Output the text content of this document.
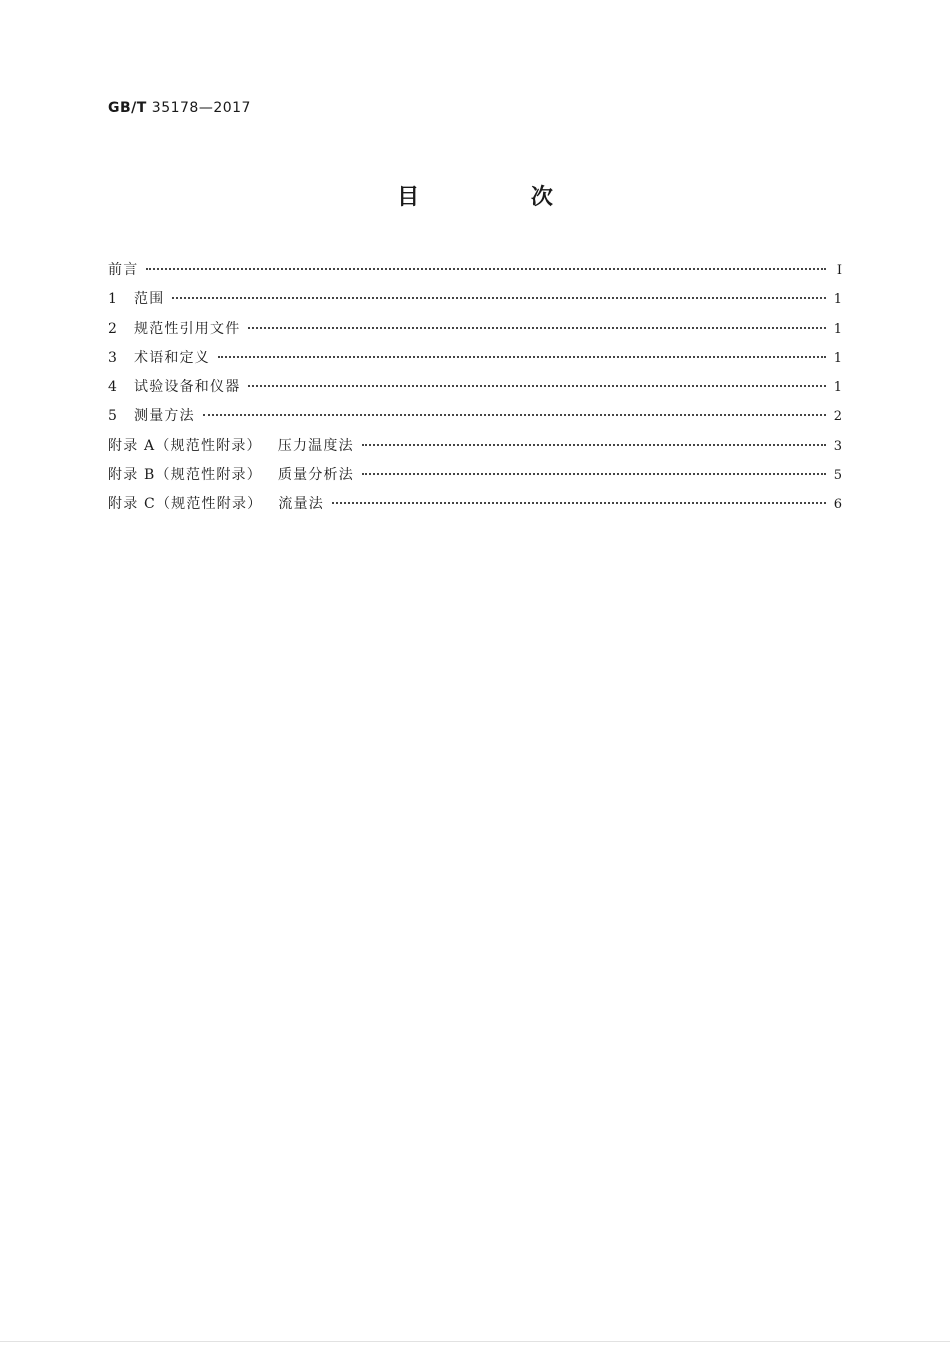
GB/T 35178—2017
目 次
前言	Ⅰ
1 范围	1
2 规范性引用文件	1
3 术语和定义	1
4 试验设备和仪器	1
5 测量方法	2
附录 A（规范性附录） 压力温度法	3
附录 B（规范性附录） 质量分析法	5
附录 C（规范性附录） 流量法	6
